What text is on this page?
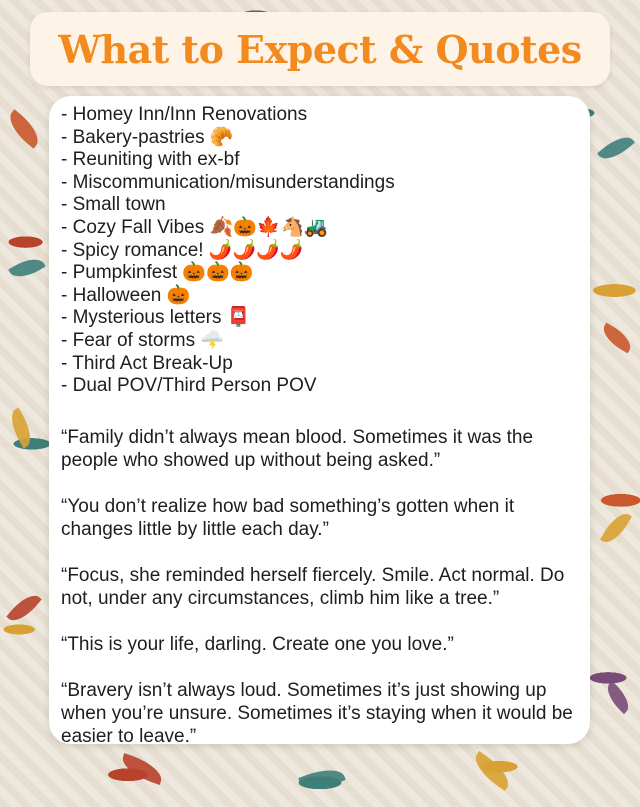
What to Expect & Quotes
- Homey Inn/Inn Renovations
- Bakery-pastries 🥐
- Reuniting with ex-bf
- Miscommunication/misunderstandings
- Small town
- Cozy Fall Vibes 🍂🎃🍁🐴🚜
- Spicy romance! 🌶️🌶️🌶️🌶️
- Pumpkinfest 🎃🎃🎃
- Halloween 🎃
- Mysterious letters 📮
- Fear of storms 🌩️
- Third Act Break-Up
- Dual POV/Third Person POV

“Family didn’t always mean blood. Sometimes it was the people who showed up without being asked.”

“You don’t realize how bad something’s gotten when it changes little by little each day.”

“Focus, she reminded herself fiercely. Smile. Act normal. Do not, under any circumstances, climb him like a tree.”

“This is your life, darling. Create one you love.”

“Bravery isn’t always loud. Sometimes it’s just showing up when you’re unsure. Sometimes it’s staying when it would be easier to leave.”
